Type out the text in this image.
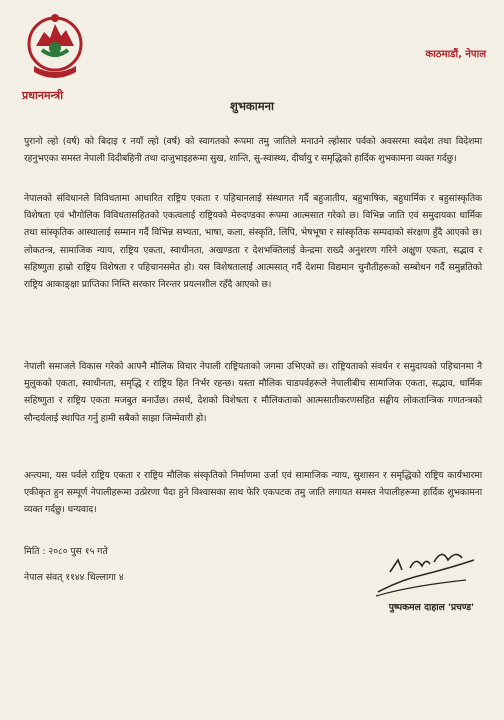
प्रधानमन्त्री
काठमाडौं, नेपाल
शुभकामना

पुरानो ल्हो (वर्ष) को बिदाइ र नयाँ ल्हो (वर्ष) को स्वागतको रूपमा तमु जातिले मनाउने ल्होसार पर्वको अवसरमा स्वदेश तथा विदेशमा रहनुभएका समस्त नेपाली दिदीबहिनी तथा दाजुभाइहरूमा सुख, शान्ति, सु-स्वास्थ्य, दीर्घायु र समृद्धिको हार्दिक शुभकामना व्यक्त गर्दछु।

नेपालको संविधानले विविधतामा आधारित राष्ट्रिय एकता र पहिचानलाई संस्थागत गर्दै बहुजातीय, बहुभाषिक, बहुधार्मिक र बहुसांस्कृतिक विशेषता एवं भौगोलिक विविधतासहितको एकत्वलाई राष्ट्रियको मेरुदण्डका रूपमा आत्मसात गरेको छ। विभिन्न जाति एवं समुदायका धार्मिक तथा सांस्कृतिक आस्थालाई सम्मान गर्दै विभिन्न सभ्यता, भाषा, कला, संस्कृति, लिपि, भेषभूषा र सांस्कृतिक सम्पदाको संरक्षण हुँदै आएको छ। लोकतन्त्र, सामाजिक न्याय, राष्ट्रिय एकता, स्वाधीनता, अखण्डता र देशभक्तिलाई केन्द्रमा राख्दै अनुशरण गरिने अक्षुण एकता, सद्भाव र सहिष्णुता हाम्रो राष्ट्रिय विशेषता र पहिचानसमेत हो। यस विशेषतालाई आत्मसात् गर्दै देशमा विद्यमान चुनौतीहरूको सम्बोधन गर्दै समुन्नतिको राष्ट्रिय आकाङ्क्षा प्राप्तिका निम्ति सरकार निरन्तर प्रयत्नशील रहँदै आएको छ।

नेपाली समाजले विकास गरेको आफ्नै मौलिक विचार नेपाली राष्ट्रियताको जगमा उभिएको छ। राष्ट्रियताको संवर्धन र समुदायको पहिचानमा नै मुलुकको एकता, स्वाधीनता, समृद्धि र राष्ट्रिय हित निर्भर रहन्छ। यस्ता मौलिक चाडपर्वहरूले नेपालीबीच सामाजिक एकता, सद्भाव, धार्मिक सहिष्णुता र राष्ट्रिय एकता मजबुत बनाउँछ। तसर्थ, देशको विशेषता र मौलिकताको आत्मसातीकरणसहित सङ्घीय लोकतान्त्रिक गणतन्त्रको सौन्दर्यलाई स्थापित गर्नु हामी सबैको साझा जिम्मेवारी हो।

अन्त्यमा, यस पर्वले राष्ट्रिय एकता र राष्ट्रिय मौलिक संस्कृतिको निर्माणमा उर्जा एवं सामाजिक न्याय, सुशासन र समृद्धिको राष्ट्रिय कार्यभारमा एकीकृत हुन सम्पूर्ण नेपालीहरूमा उत्प्रेरणा पैदा हुने विश्वासका साथ फेरि एकपटक तमु जाति लगायत समस्त नेपालीहरूमा हार्दिक शुभकामना व्यक्त गर्दछु। धन्यवाद।

मिति : २०८० पुस १५ गते
नेपाल संवत् ११४४ थिल्लागा ४
पुष्पकमल दाहाल 'प्रचण्ड'
